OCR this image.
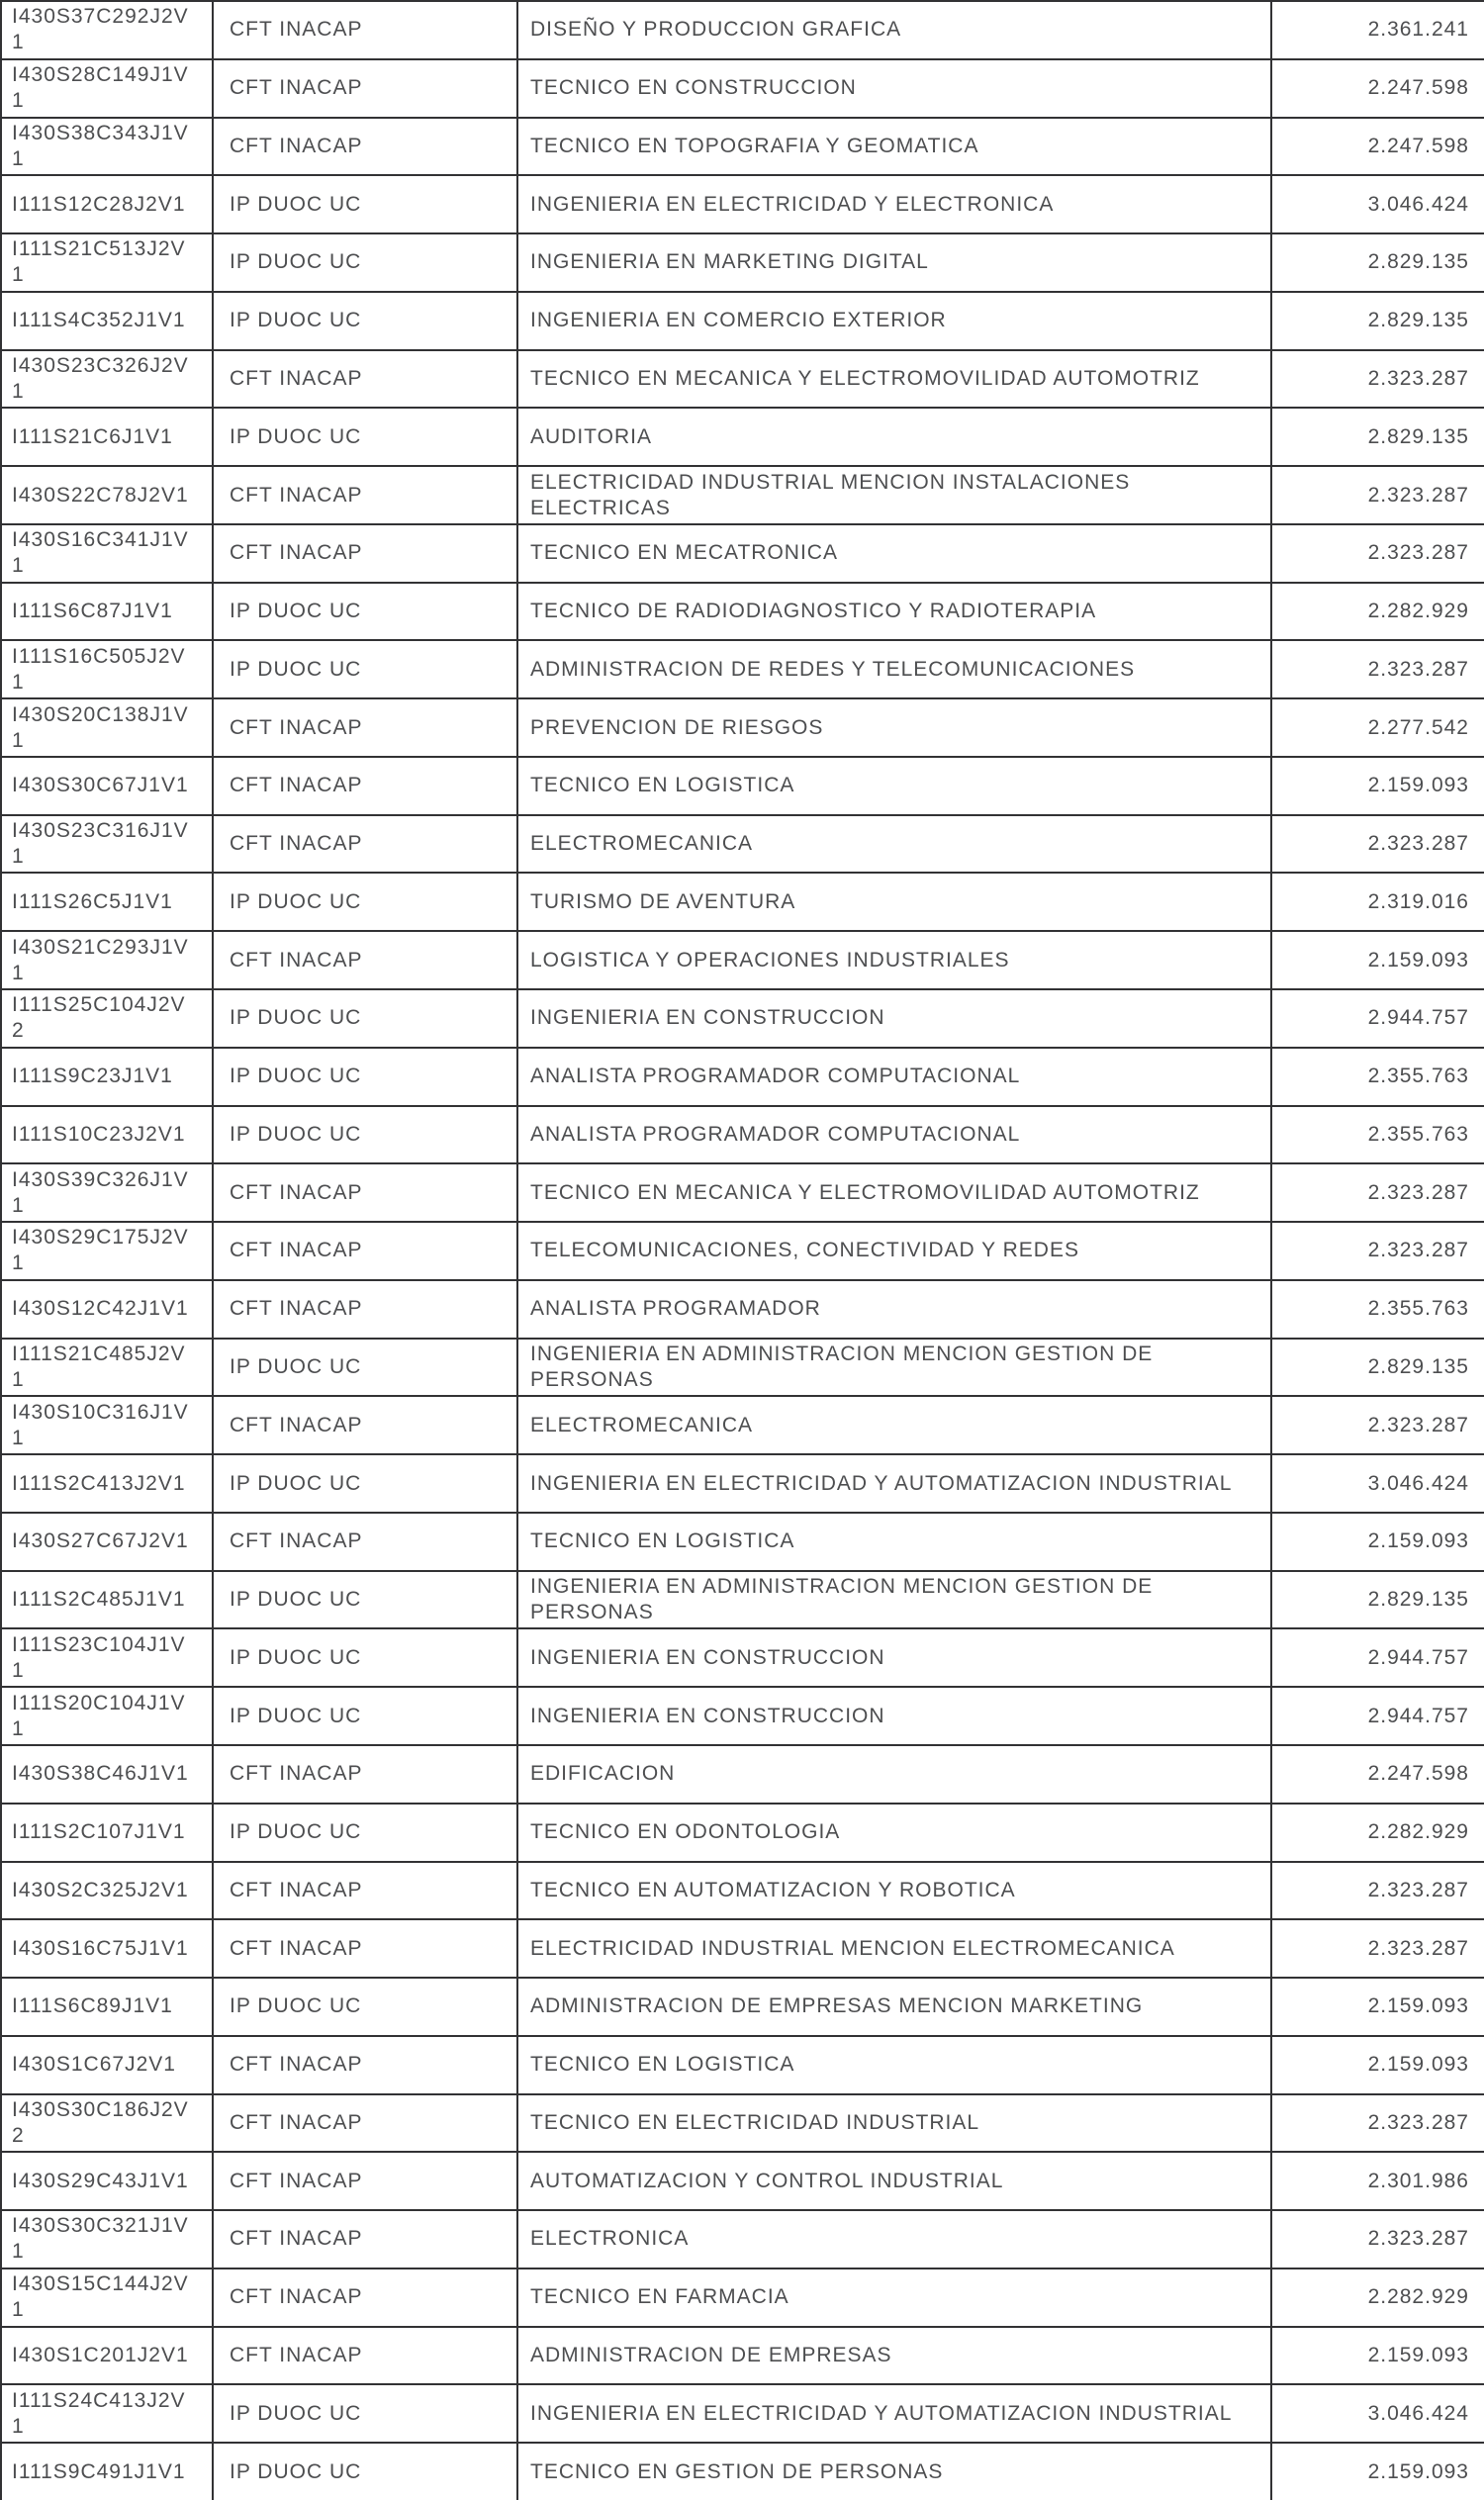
I430S37C292J2V1	CFT INACAP	DISEÑO Y PRODUCCION GRAFICA	2.361.241
I430S28C149J1V1	CFT INACAP	TECNICO EN CONSTRUCCION	2.247.598
I430S38C343J1V1	CFT INACAP	TECNICO EN TOPOGRAFIA Y GEOMATICA	2.247.598
I111S12C28J2V1	IP DUOC UC	INGENIERIA EN ELECTRICIDAD Y ELECTRONICA	3.046.424
I111S21C513J2V1	IP DUOC UC	INGENIERIA EN MARKETING DIGITAL	2.829.135
I111S4C352J1V1	IP DUOC UC	INGENIERIA EN COMERCIO EXTERIOR	2.829.135
I430S23C326J2V1	CFT INACAP	TECNICO EN MECANICA Y ELECTROMOVILIDAD AUTOMOTRIZ	2.323.287
I111S21C6J1V1	IP DUOC UC	AUDITORIA	2.829.135
I430S22C78J2V1	CFT INACAP	ELECTRICIDAD INDUSTRIAL MENCION INSTALACIONES ELECTRICAS	2.323.287
I430S16C341J1V1	CFT INACAP	TECNICO EN MECATRONICA	2.323.287
I111S6C87J1V1	IP DUOC UC	TECNICO DE RADIODIAGNOSTICO Y RADIOTERAPIA	2.282.929
I111S16C505J2V1	IP DUOC UC	ADMINISTRACION DE REDES Y TELECOMUNICACIONES	2.323.287
I430S20C138J1V1	CFT INACAP	PREVENCION DE RIESGOS	2.277.542
I430S30C67J1V1	CFT INACAP	TECNICO EN LOGISTICA	2.159.093
I430S23C316J1V1	CFT INACAP	ELECTROMECANICA	2.323.287
I111S26C5J1V1	IP DUOC UC	TURISMO DE AVENTURA	2.319.016
I430S21C293J1V1	CFT INACAP	LOGISTICA Y OPERACIONES INDUSTRIALES	2.159.093
I111S25C104J2V2	IP DUOC UC	INGENIERIA EN CONSTRUCCION	2.944.757
I111S9C23J1V1	IP DUOC UC	ANALISTA PROGRAMADOR COMPUTACIONAL	2.355.763
I111S10C23J2V1	IP DUOC UC	ANALISTA PROGRAMADOR COMPUTACIONAL	2.355.763
I430S39C326J1V1	CFT INACAP	TECNICO EN MECANICA Y ELECTROMOVILIDAD AUTOMOTRIZ	2.323.287
I430S29C175J2V1	CFT INACAP	TELECOMUNICACIONES, CONECTIVIDAD Y REDES	2.323.287
I430S12C42J1V1	CFT INACAP	ANALISTA PROGRAMADOR	2.355.763
I111S21C485J2V1	IP DUOC UC	INGENIERIA EN ADMINISTRACION MENCION GESTION DE PERSONAS	2.829.135
I430S10C316J1V1	CFT INACAP	ELECTROMECANICA	2.323.287
I111S2C413J2V1	IP DUOC UC	INGENIERIA EN ELECTRICIDAD Y AUTOMATIZACION INDUSTRIAL	3.046.424
I430S27C67J2V1	CFT INACAP	TECNICO EN LOGISTICA	2.159.093
I111S2C485J1V1	IP DUOC UC	INGENIERIA EN ADMINISTRACION MENCION GESTION DE PERSONAS	2.829.135
I111S23C104J1V1	IP DUOC UC	INGENIERIA EN CONSTRUCCION	2.944.757
I111S20C104J1V1	IP DUOC UC	INGENIERIA EN CONSTRUCCION	2.944.757
I430S38C46J1V1	CFT INACAP	EDIFICACION	2.247.598
I111S2C107J1V1	IP DUOC UC	TECNICO EN ODONTOLOGIA	2.282.929
I430S2C325J2V1	CFT INACAP	TECNICO EN AUTOMATIZACION Y ROBOTICA	2.323.287
I430S16C75J1V1	CFT INACAP	ELECTRICIDAD INDUSTRIAL MENCION ELECTROMECANICA	2.323.287
I111S6C89J1V1	IP DUOC UC	ADMINISTRACION DE EMPRESAS MENCION MARKETING	2.159.093
I430S1C67J2V1	CFT INACAP	TECNICO EN LOGISTICA	2.159.093
I430S30C186J2V2	CFT INACAP	TECNICO EN ELECTRICIDAD INDUSTRIAL	2.323.287
I430S29C43J1V1	CFT INACAP	AUTOMATIZACION Y CONTROL INDUSTRIAL	2.301.986
I430S30C321J1V1	CFT INACAP	ELECTRONICA	2.323.287
I430S15C144J2V1	CFT INACAP	TECNICO EN FARMACIA	2.282.929
I430S1C201J2V1	CFT INACAP	ADMINISTRACION DE EMPRESAS	2.159.093
I111S24C413J2V1	IP DUOC UC	INGENIERIA EN ELECTRICIDAD Y AUTOMATIZACION INDUSTRIAL	3.046.424
I111S9C491J1V1	IP DUOC UC	TECNICO EN GESTION DE PERSONAS	2.159.093
